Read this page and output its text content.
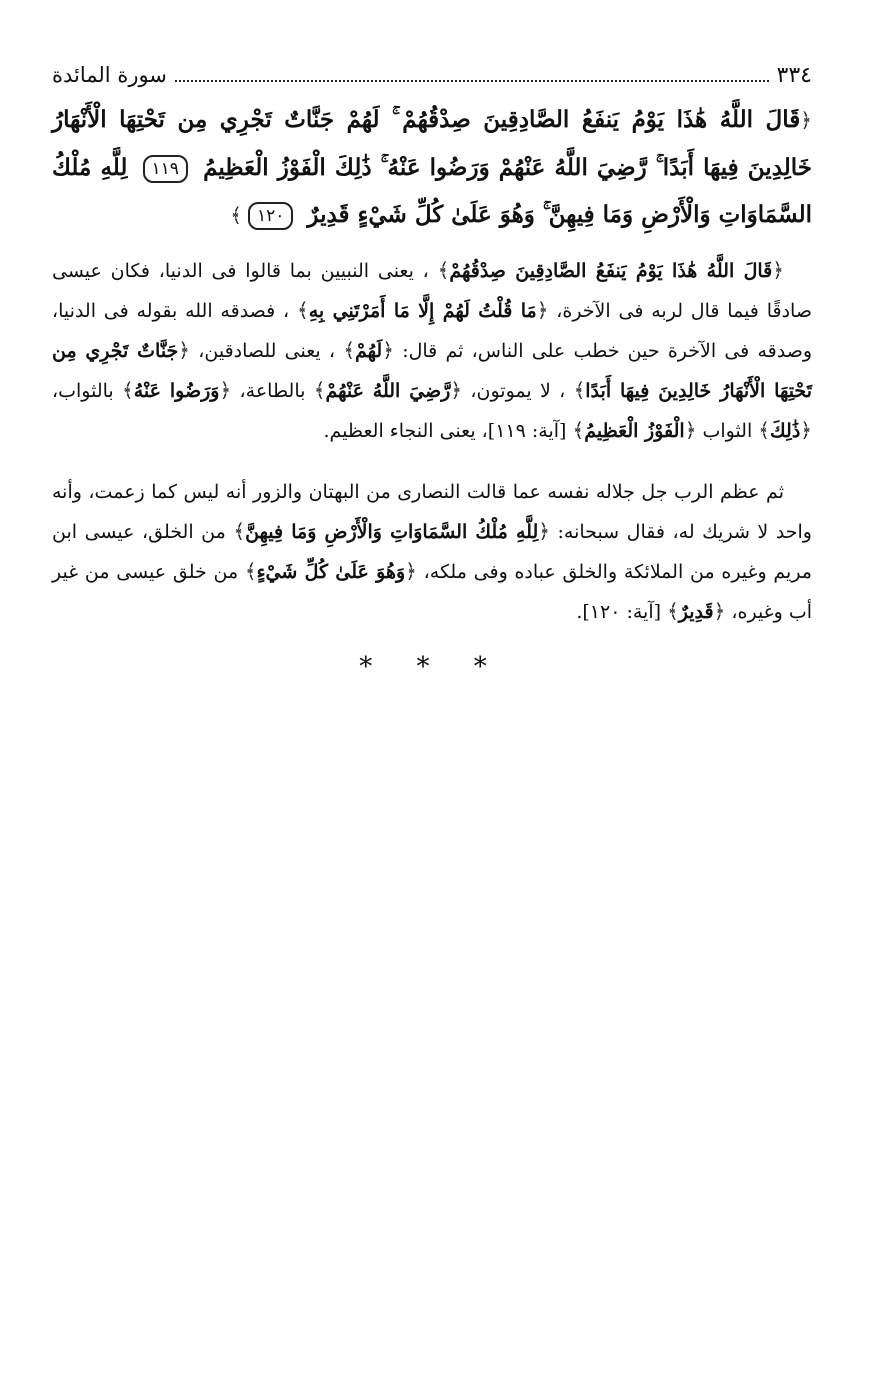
٣٣٤
سورة المائدة
﴿قَالَ اللَّهُ هَٰذَا يَوْمُ يَنفَعُ الصَّادِقِينَ صِدْقُهُمْ ۚ لَهُمْ جَنَّاتٌ تَجْرِي مِن تَحْتِهَا الْأَنْهَارُ خَالِدِينَ فِيهَا أَبَدًا ۚ رَّضِيَ اللَّهُ عَنْهُمْ وَرَضُوا عَنْهُ ۚ ذَٰلِكَ الْفَوْزُ الْعَظِيمُ ١١٩ لِلَّهِ مُلْكُ السَّمَاوَاتِ وَالْأَرْضِ وَمَا فِيهِنَّ ۚ وَهُوَ عَلَىٰ كُلِّ شَيْءٍ قَدِيرٌ ١٢٠﴾

﴿قَالَ اللَّهُ هَٰذَا يَوْمُ يَنفَعُ الصَّادِقِينَ صِدْقُهُمْ﴾ ، يعنى النبيين بما قالوا فى الدنيا، فكان عيسى صادقًا فيما قال لربه فى الآخرة، ﴿مَا قُلْتُ لَهُمْ إِلَّا مَا أَمَرْتَنِي بِهِ﴾ ، فصدقه الله بقوله فى الدنيا، وصدقه فى الآخرة حين خطب على الناس، ثم قال: ﴿لَهُمْ﴾ ، يعنى للصادقين، ﴿جَنَّاتٌ تَجْرِي مِن تَحْتِهَا الْأَنْهَارُ خَالِدِينَ فِيهَا أَبَدًا﴾ ، لا يموتون، ﴿رَّضِيَ اللَّهُ عَنْهُمْ﴾ بالطاعة، ﴿وَرَضُوا عَنْهُ﴾ بالثواب، ﴿ذَٰلِكَ﴾ الثواب ﴿الْفَوْزُ الْعَظِيمُ﴾ [آية: ١١٩]، يعنى النجاء العظيم.

ثم عظم الرب جل جلاله نفسه عما قالت النصارى من البهتان والزور أنه ليس كما زعمت، وأنه واحد لا شريك له، فقال سبحانه: ﴿لِلَّهِ مُلْكُ السَّمَاوَاتِ وَالْأَرْضِ وَمَا فِيهِنَّ﴾ من الخلق، عيسى ابن مريم وغيره من الملائكة والخلق عباده وفى ملكه، ﴿وَهُوَ عَلَىٰ كُلِّ شَيْءٍ﴾ من خلق عيسى من غير أب وغيره، ﴿قَدِيرٌ﴾ [آية: ١٢٠].

* * *
